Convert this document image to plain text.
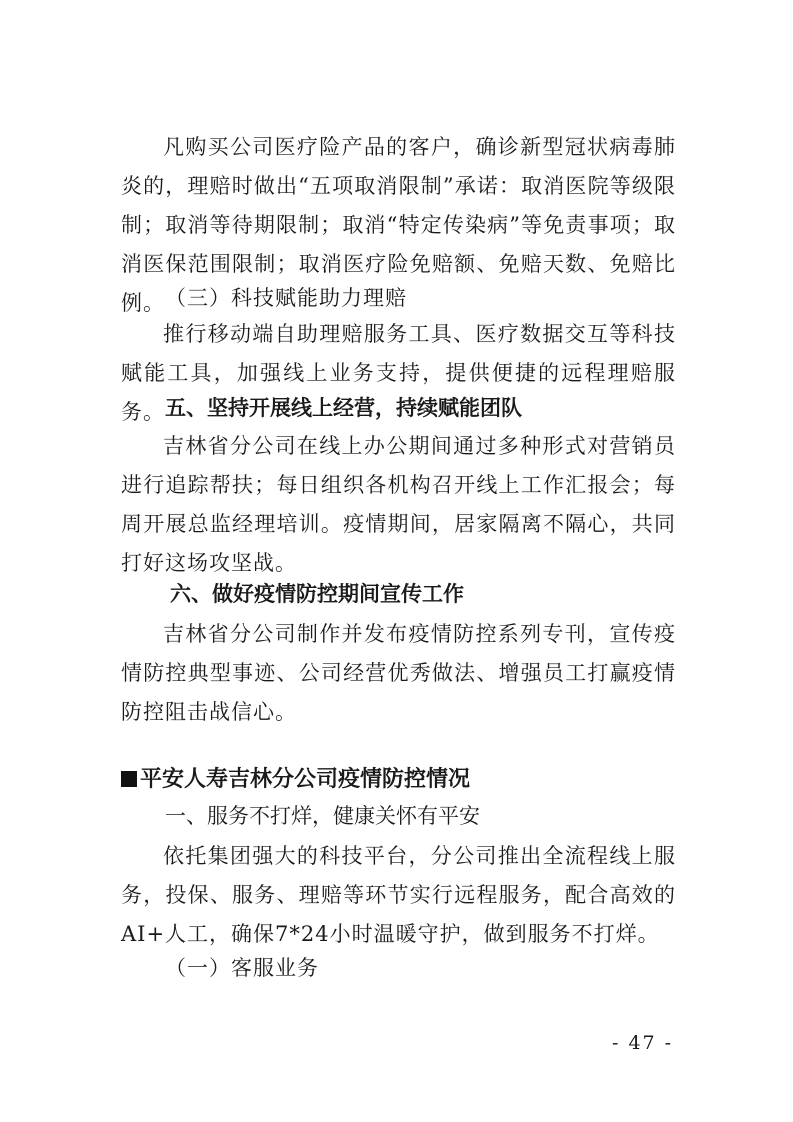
凡购买公司医疗险产品的客户，确诊新型冠状病毒肺炎的，理赔时做出“五项取消限制”承诺：取消医院等级限制；取消等待期限制；取消“特定传染病”等免责事项；取消医保范围限制；取消医疗险免赔额、免赔天数、免赔比例。 （三）科技赋能助力理赔

推行移动端自助理赔服务工具、医疗数据交互等科技赋能工具，加强线上业务支持，提供便捷的远程理赔服务。 五、坚持开展线上经营，持续赋能团队

吉林省分公司在线上办公期间通过多种形式对营销员进行追踪帮扶；每日组织各机构召开线上工作汇报会；每周开展总监经理培训。疫情期间，居家隔离不隔心，共同打好这场攻坚战。

六、做好疫情防控期间宣传工作

吉林省分公司制作并发布疫情防控系列专刊，宣传疫情防控典型事迹、公司经营优秀做法、增强员工打赢疫情防控阻击战信心。

平安人寿吉林分公司疫情防控情况

一、服务不打烊，健康关怀有平安

依托集团强大的科技平台，分公司推出全流程线上服务，投保、服务、理赔等环节实行远程服务，配合高效的AI+人工，确保7*24小时温暖守护，做到服务不打烊。

（一）客服业务

- 47 -
